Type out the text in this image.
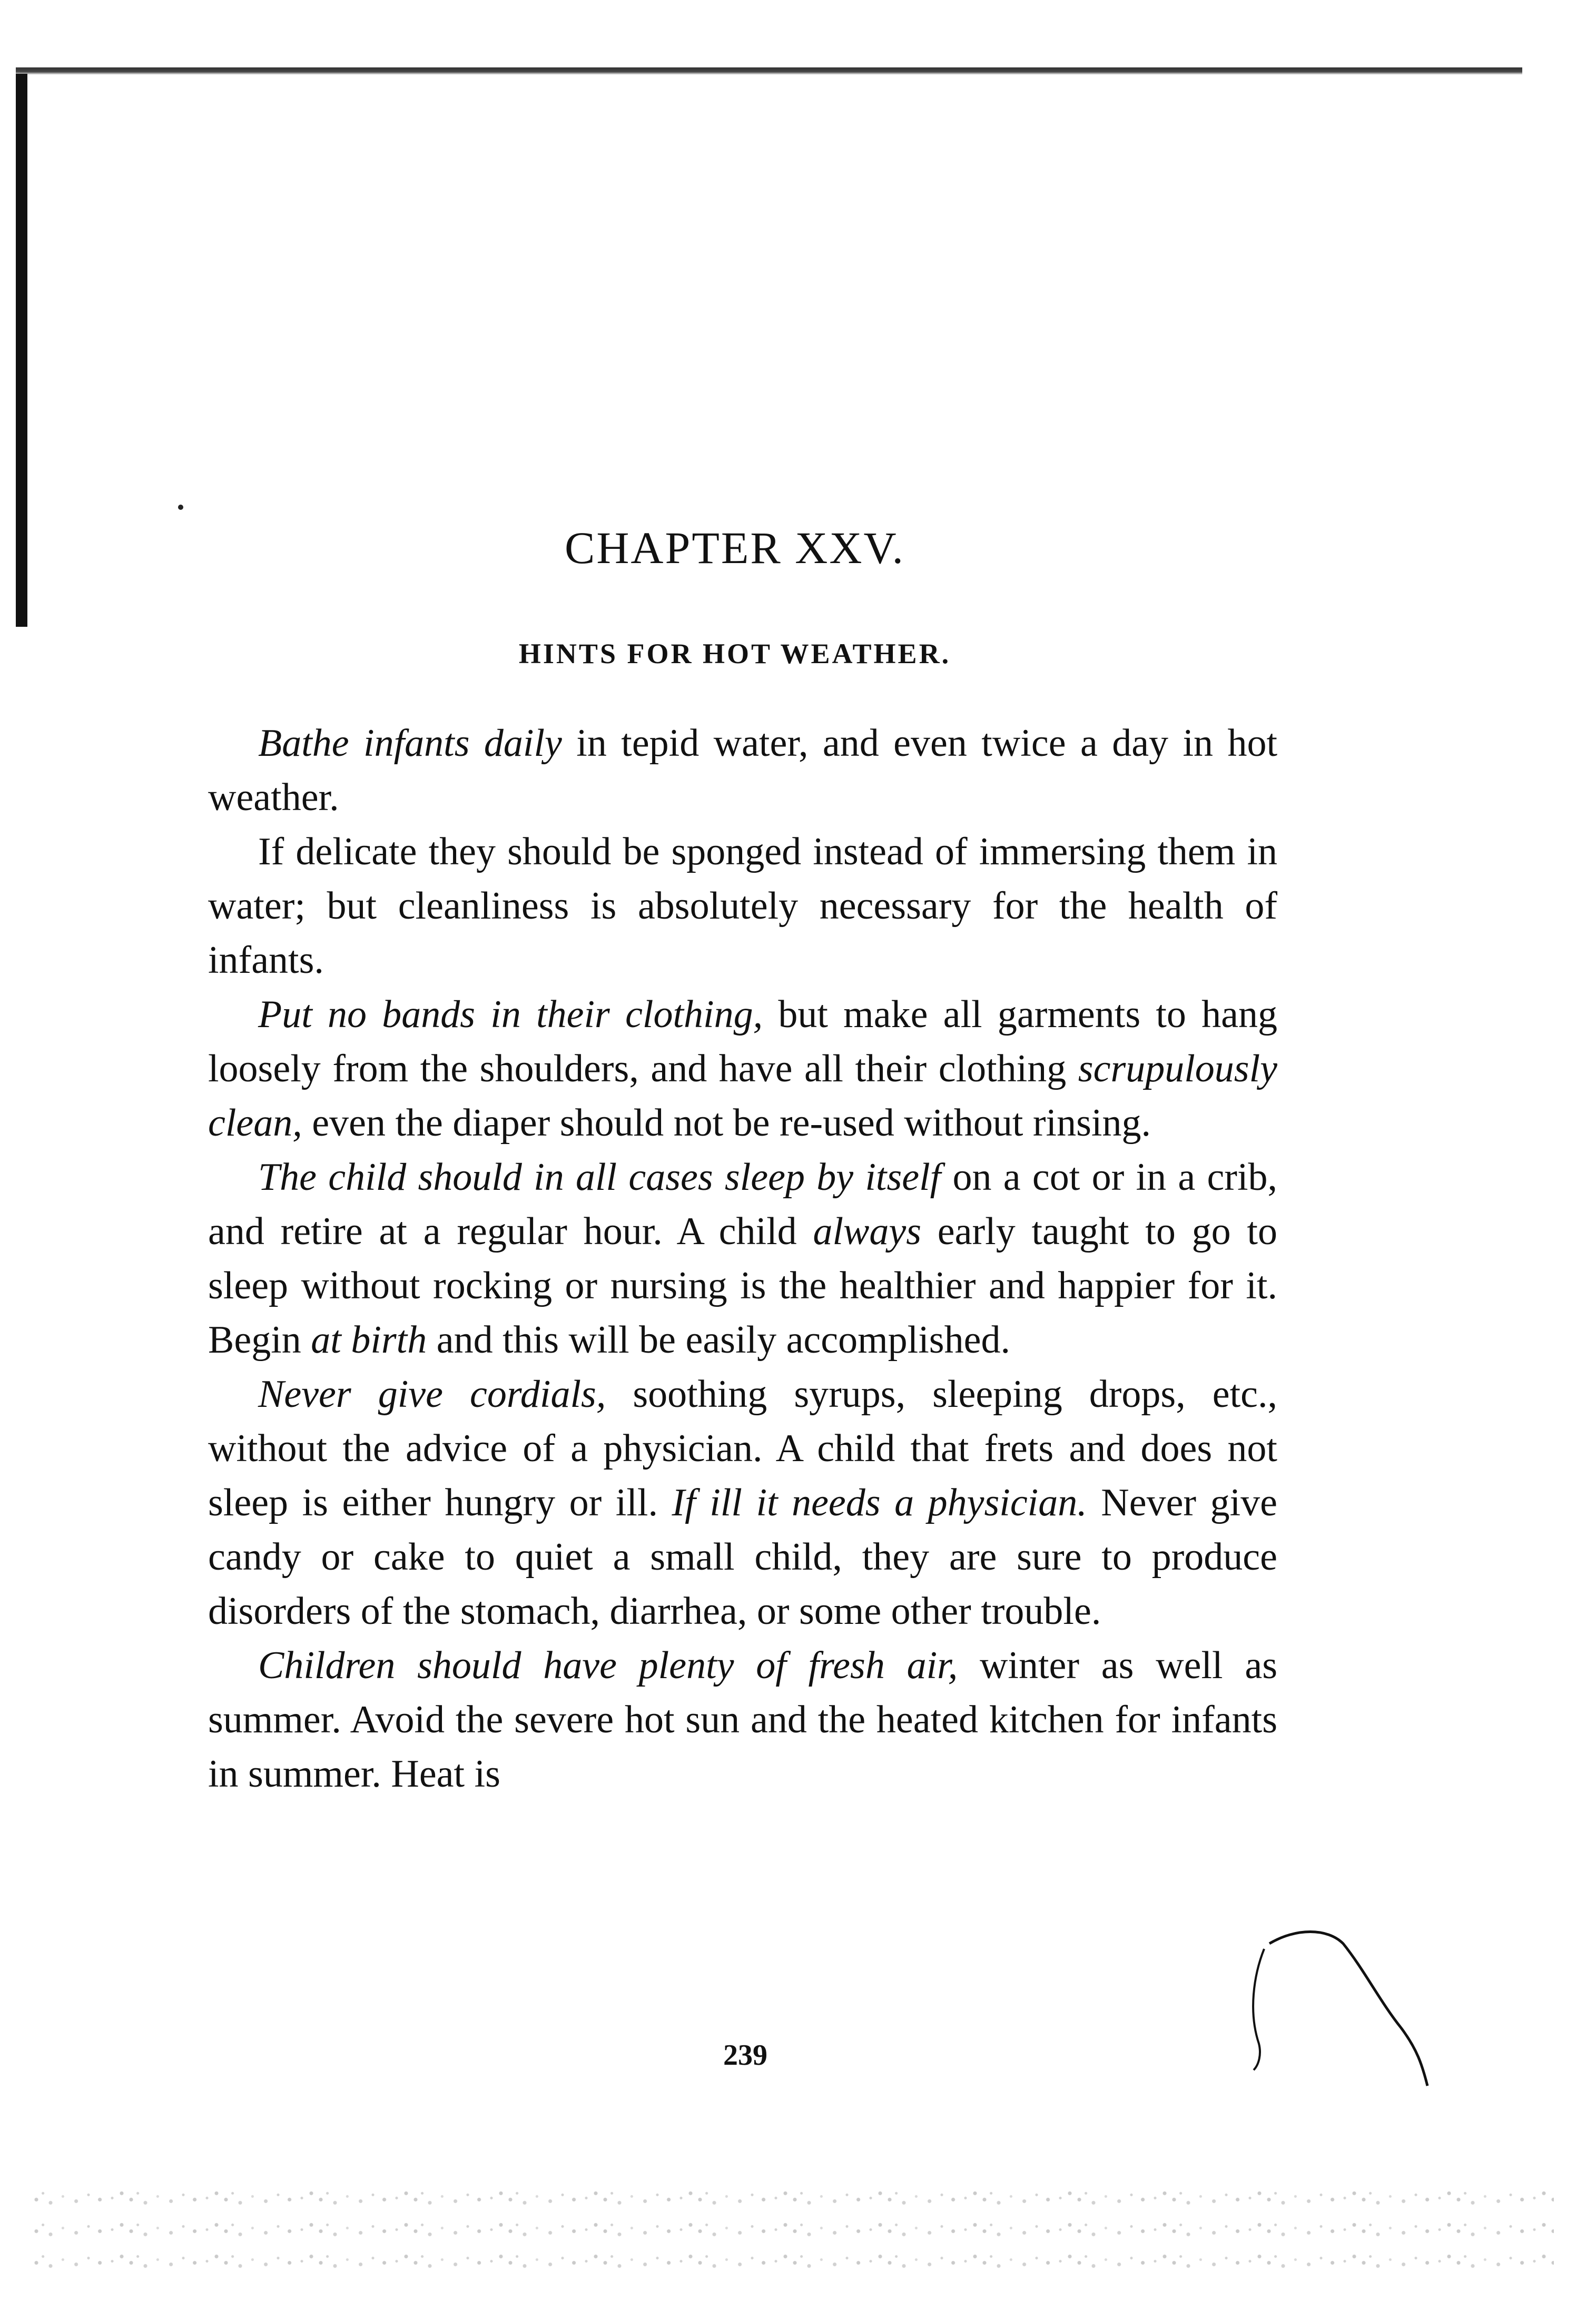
CHAPTER XXV.
HINTS FOR HOT WEATHER.

Bathe infants daily in tepid water, and even twice a day in hot weather.

If delicate they should be sponged instead of immersing them in water; but cleanliness is absolutely necessary for the health of infants.

Put no bands in their clothing, but make all garments to hang loosely from the shoulders, and have all their clothing scrupulously clean, even the diaper should not be re-used without rinsing.

The child should in all cases sleep by itself on a cot or in a crib, and retire at a regular hour. A child always early taught to go to sleep without rocking or nursing is the healthier and happier for it. Begin at birth and this will be easily accomplished.

Never give cordials, soothing syrups, sleeping drops, etc., without the advice of a physician. A child that frets and does not sleep is either hungry or ill. If ill it needs a physician. Never give candy or cake to quiet a small child, they are sure to produce disorders of the stomach, diarrhea, or some other trouble.

Children should have plenty of fresh air, winter as well as summer. Avoid the severe hot sun and the heated kitchen for infants in summer. Heat is

239
